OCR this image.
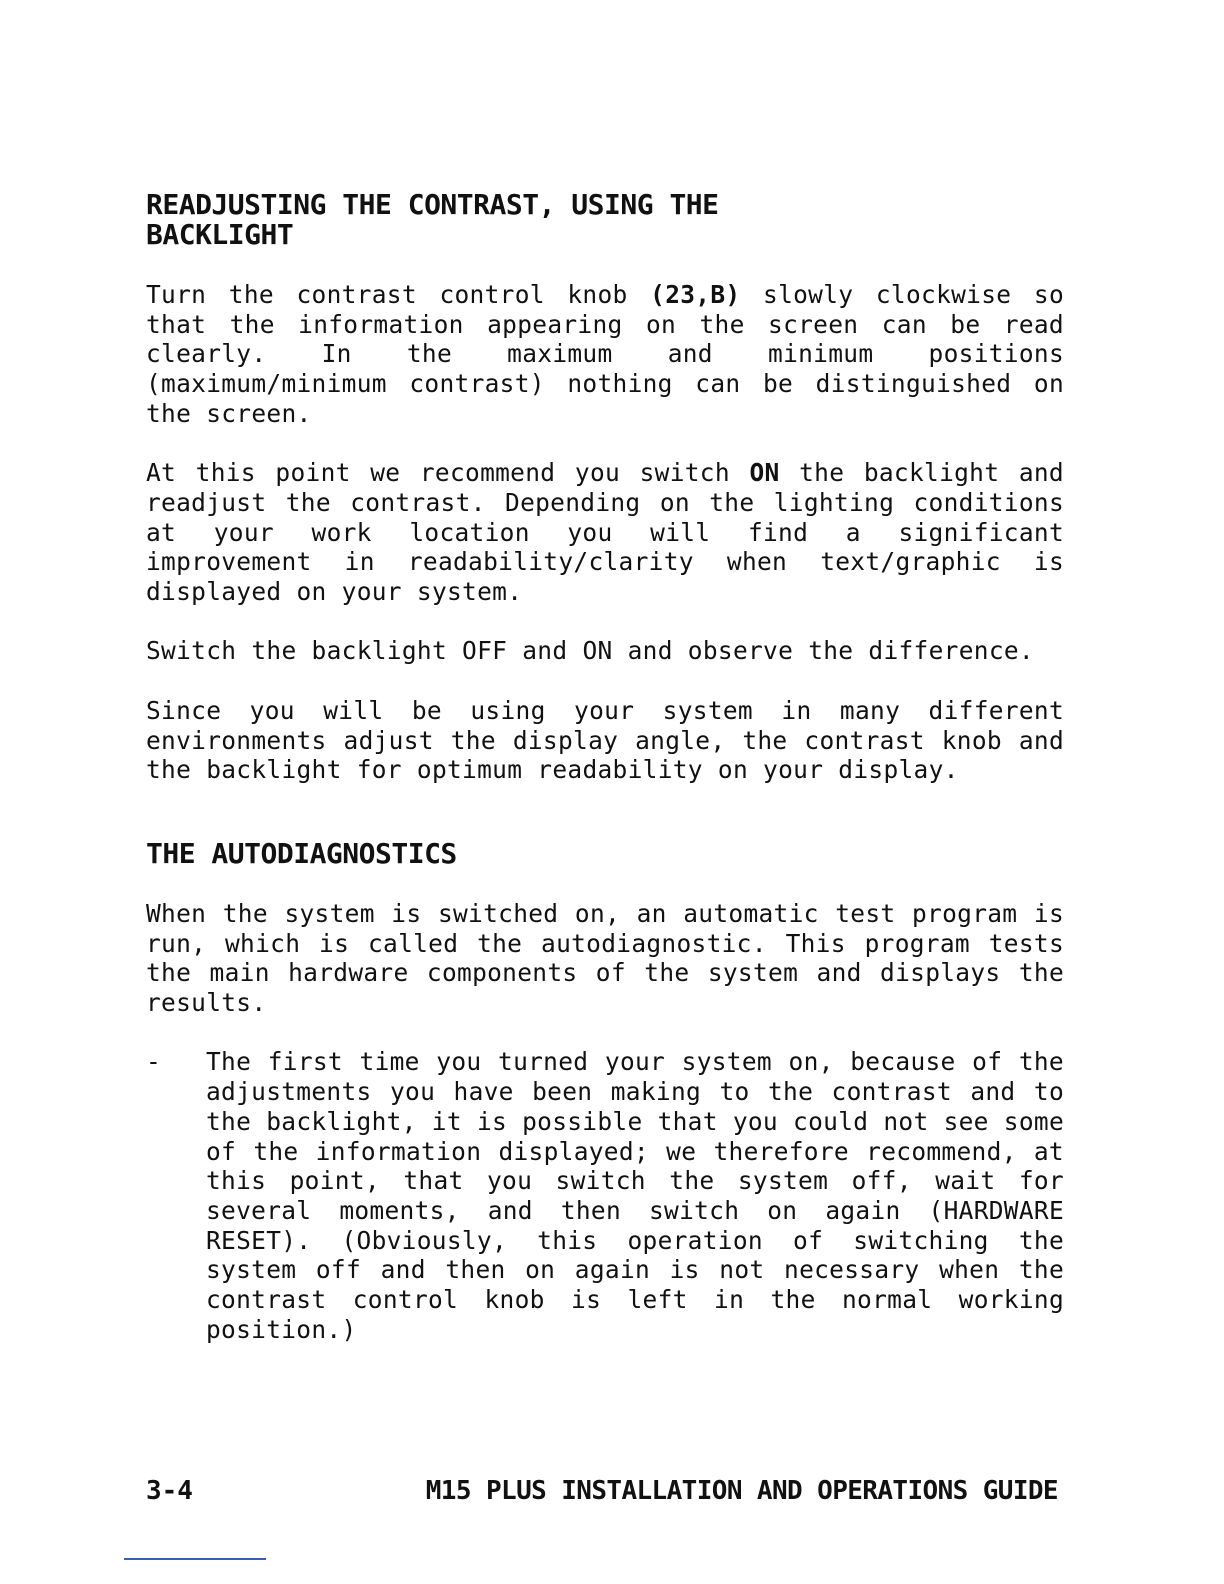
READJUSTING THE CONTRAST, USING THE
BACKLIGHT

Turn the contrast control knob (23,B) slowly clockwise so that the information appearing on the screen can be read clearly. In the maximum and minimum positions (maximum/minimum contrast) nothing can be distinguished on the screen.

At this point we recommend you switch ON the backlight and readjust the contrast. Depending on the lighting conditions at your work location you will find a significant improvement in readability/clarity when text/graphic is displayed on your system.

Switch the backlight OFF and ON and observe the difference.

Since you will be using your system in many different environments adjust the display angle, the contrast knob and the backlight for optimum readability on your display.

THE AUTODIAGNOSTICS

When the system is switched on, an automatic test program is run, which is called the autodiagnostic. This program tests the main hardware components of the system and displays the results.

-	The first time you turned your system on, because of the adjustments you have been making to the contrast and to the backlight, it is possible that you could not see some of the information displayed; we therefore recommend, at this point, that you switch the system off, wait for several moments, and then switch on again (HARDWARE RESET). (Obviously, this operation of switching the system off and then on again is not necessary when the contrast control knob is left in the normal working position.)

3-4	M15 PLUS INSTALLATION AND OPERATIONS GUIDE
